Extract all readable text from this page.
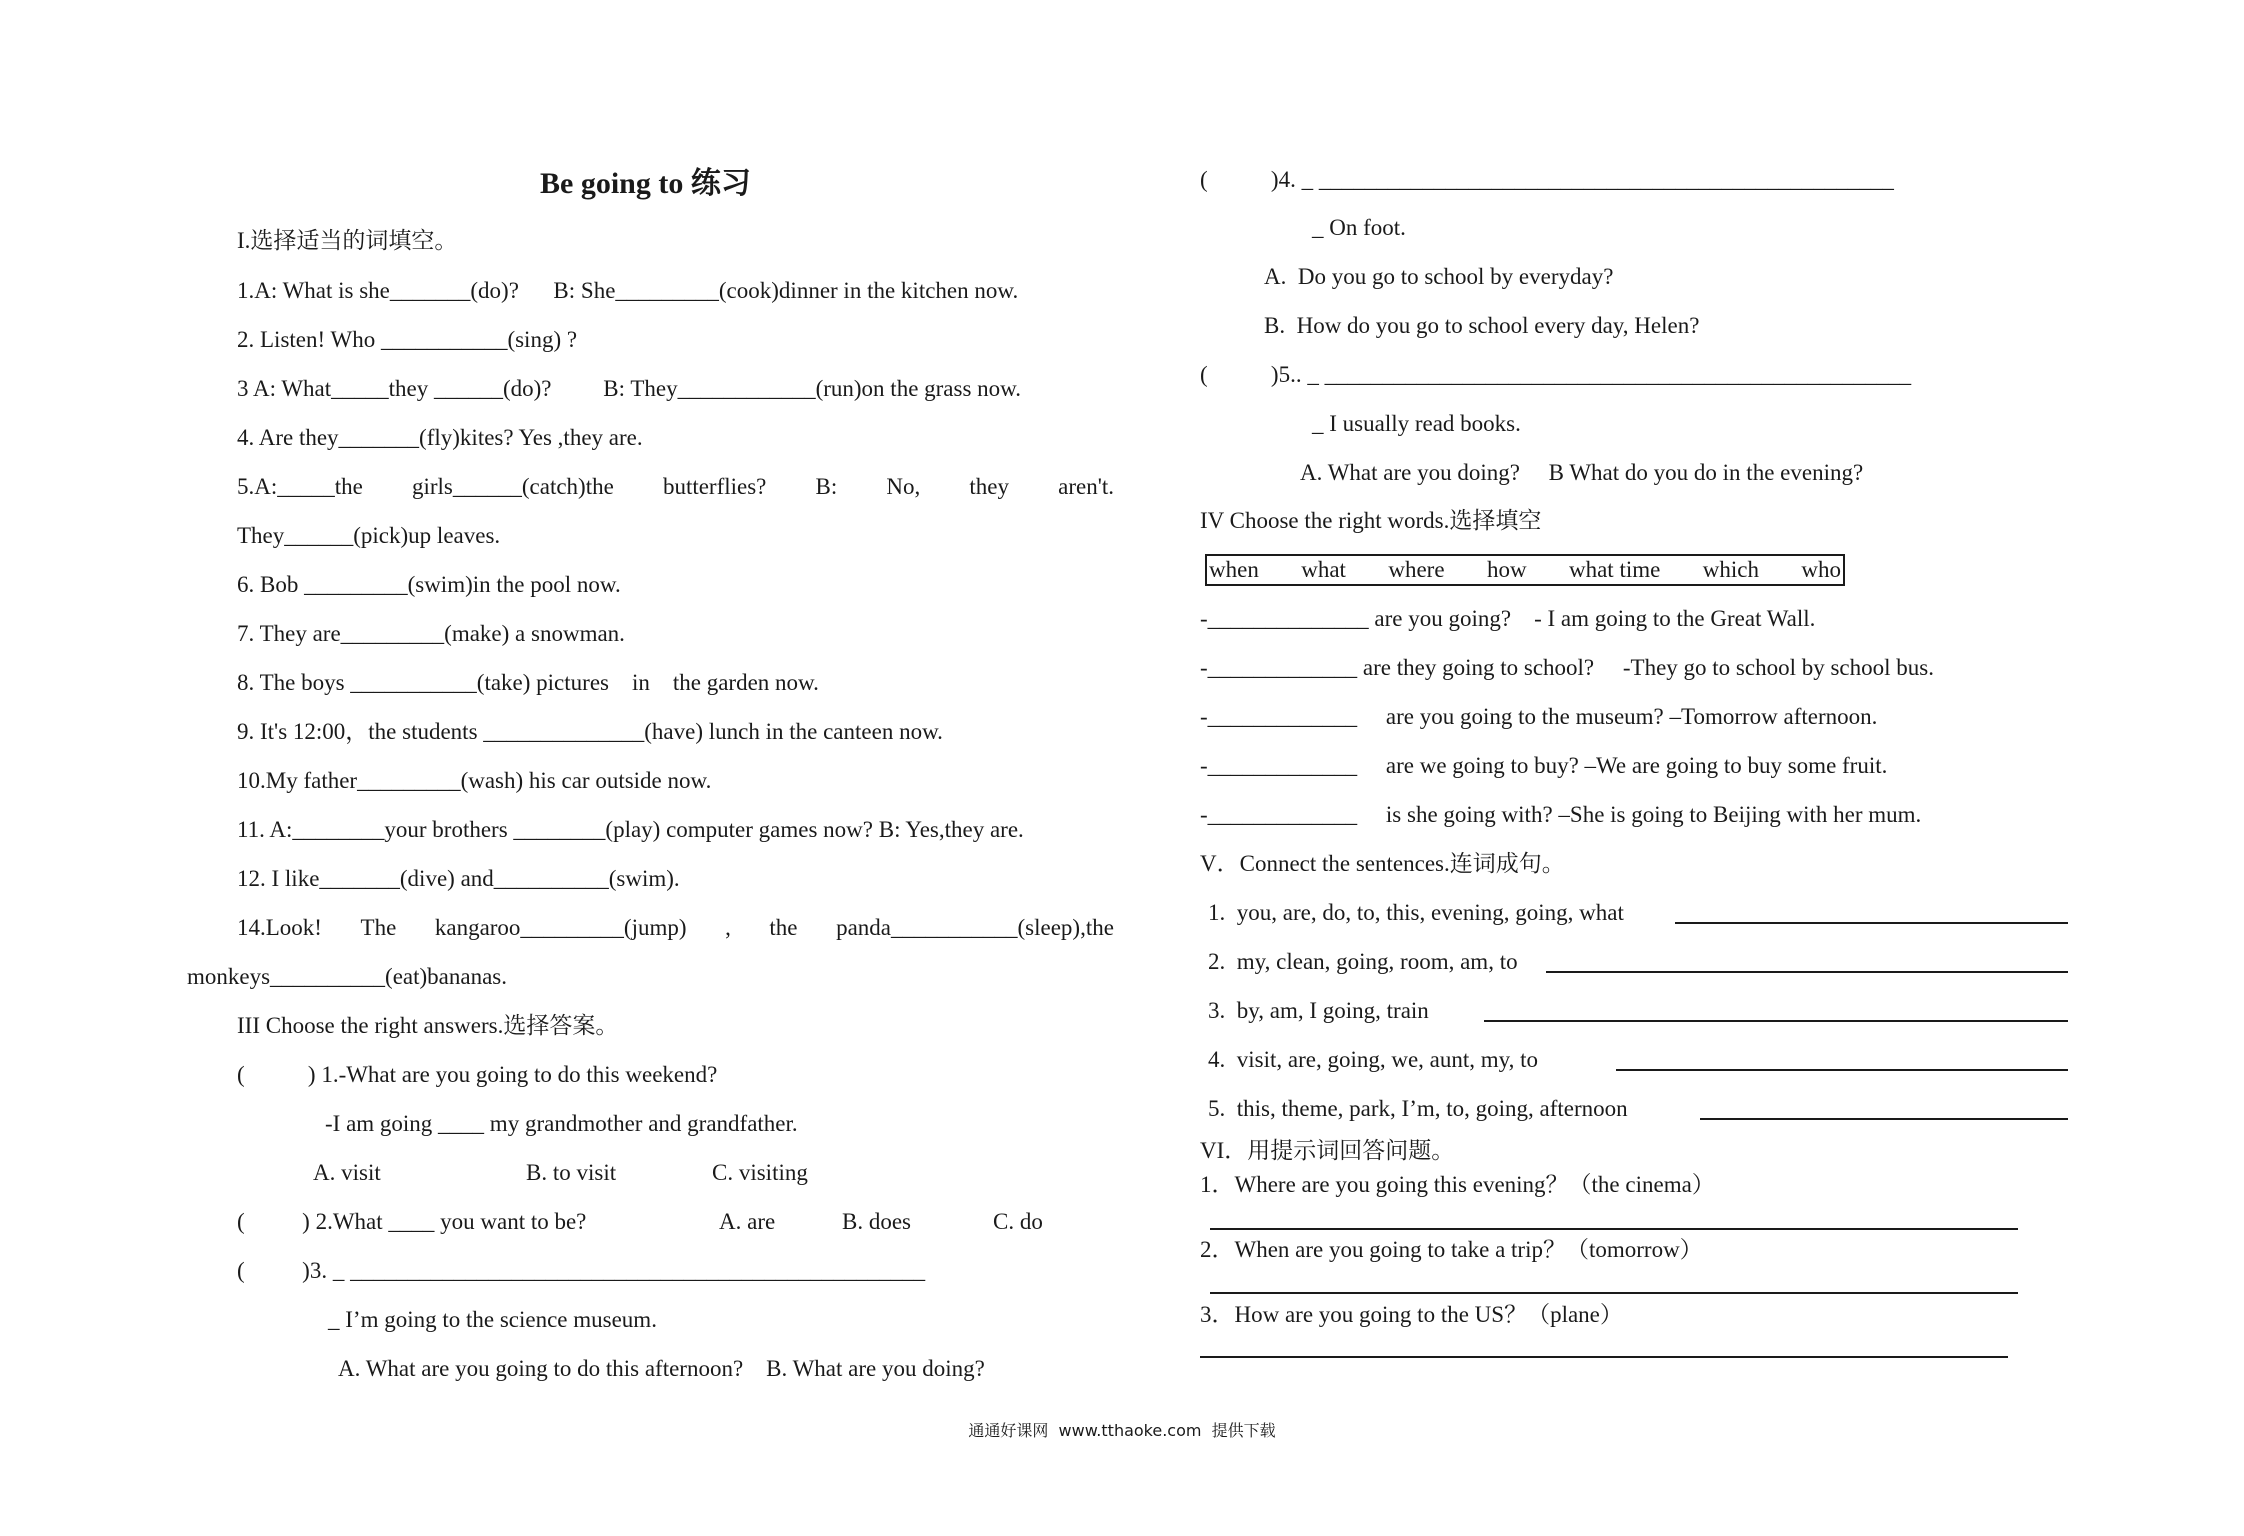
Be going to 练习
I.选择适当的词填空。
1.A: What is she_______(do)?      B: She_________(cook)dinner in the kitchen now.
2. Listen! Who ___________(sing) ?
3 A: What_____they ______(do)?         B: They____________(run)on the grass now.
4. Are they_______(fly)kites? Yes ,they are.
5.A:_____the girls______(catch)the butterflies? B: No, they aren't.
They______(pick)up leaves.
6. Bob _________(swim)in the pool now.
7. They are_________(make) a snowman.
8. The boys ___________(take) pictures    in    the garden now.
9. It's 12:00，the students ______________(have) lunch in the canteen now.
10.My father_________(wash) his car outside now.
11. A:________your brothers ________(play) computer games now? B: Yes,they are.
12. I like_______(dive) and__________(swim).
14.Look! The kangaroo_________(jump) , the panda___________(sleep),the
monkeys__________(eat)bananas.
III Choose the right answers.选择答案。
(           ) 1.-What are you going to do this weekend?
-I am going ____ my grandmother and grandfather.
A. visit	B. to visit	C. visiting
(          ) 2.What ____ you want to be?	A. are	B. does	C. do
(          )3. _ __________________________________________________
_ I’m going to the science museum.
A. What are you going to do this afternoon?    B. What are you doing?
(           )4. _ __________________________________________________
_ On foot.
A.  Do you go to school by everyday?
B.  How do you go to school every day, Helen?
(           )5.. _ ___________________________________________________
_ I usually read books.
A. What are you doing?     B What do you do in the evening?
IV Choose the right words.选择填空
when what where how what time which who
-______________ are you going?    - I am going to the Great Wall.
-_____________ are they going to school?     -They go to school by school bus.
-_____________     are you going to the museum? –Tomorrow afternoon.
-_____________     are we going to buy? –We are going to buy some fruit.
-_____________     is she going with? –She is going to Beijing with her mum.
V．Connect the sentences.连词成句。
1.  you, are, do, to, this, evening, going, what
2.  my, clean, going, room, am, to
3.  by, am, I going, train
4.  visit, are, going, we, aunt, my, to
5.  this, theme, park, I’m, to, going, afternoon
VI．用提示词回答问题。
1．Where are you going this evening？（the cinema）
2．When are you going to take a trip？（tomorrow）
3．How are you going to the US？（plane）
通通好课网  www.tthaoke.com  提供下载
